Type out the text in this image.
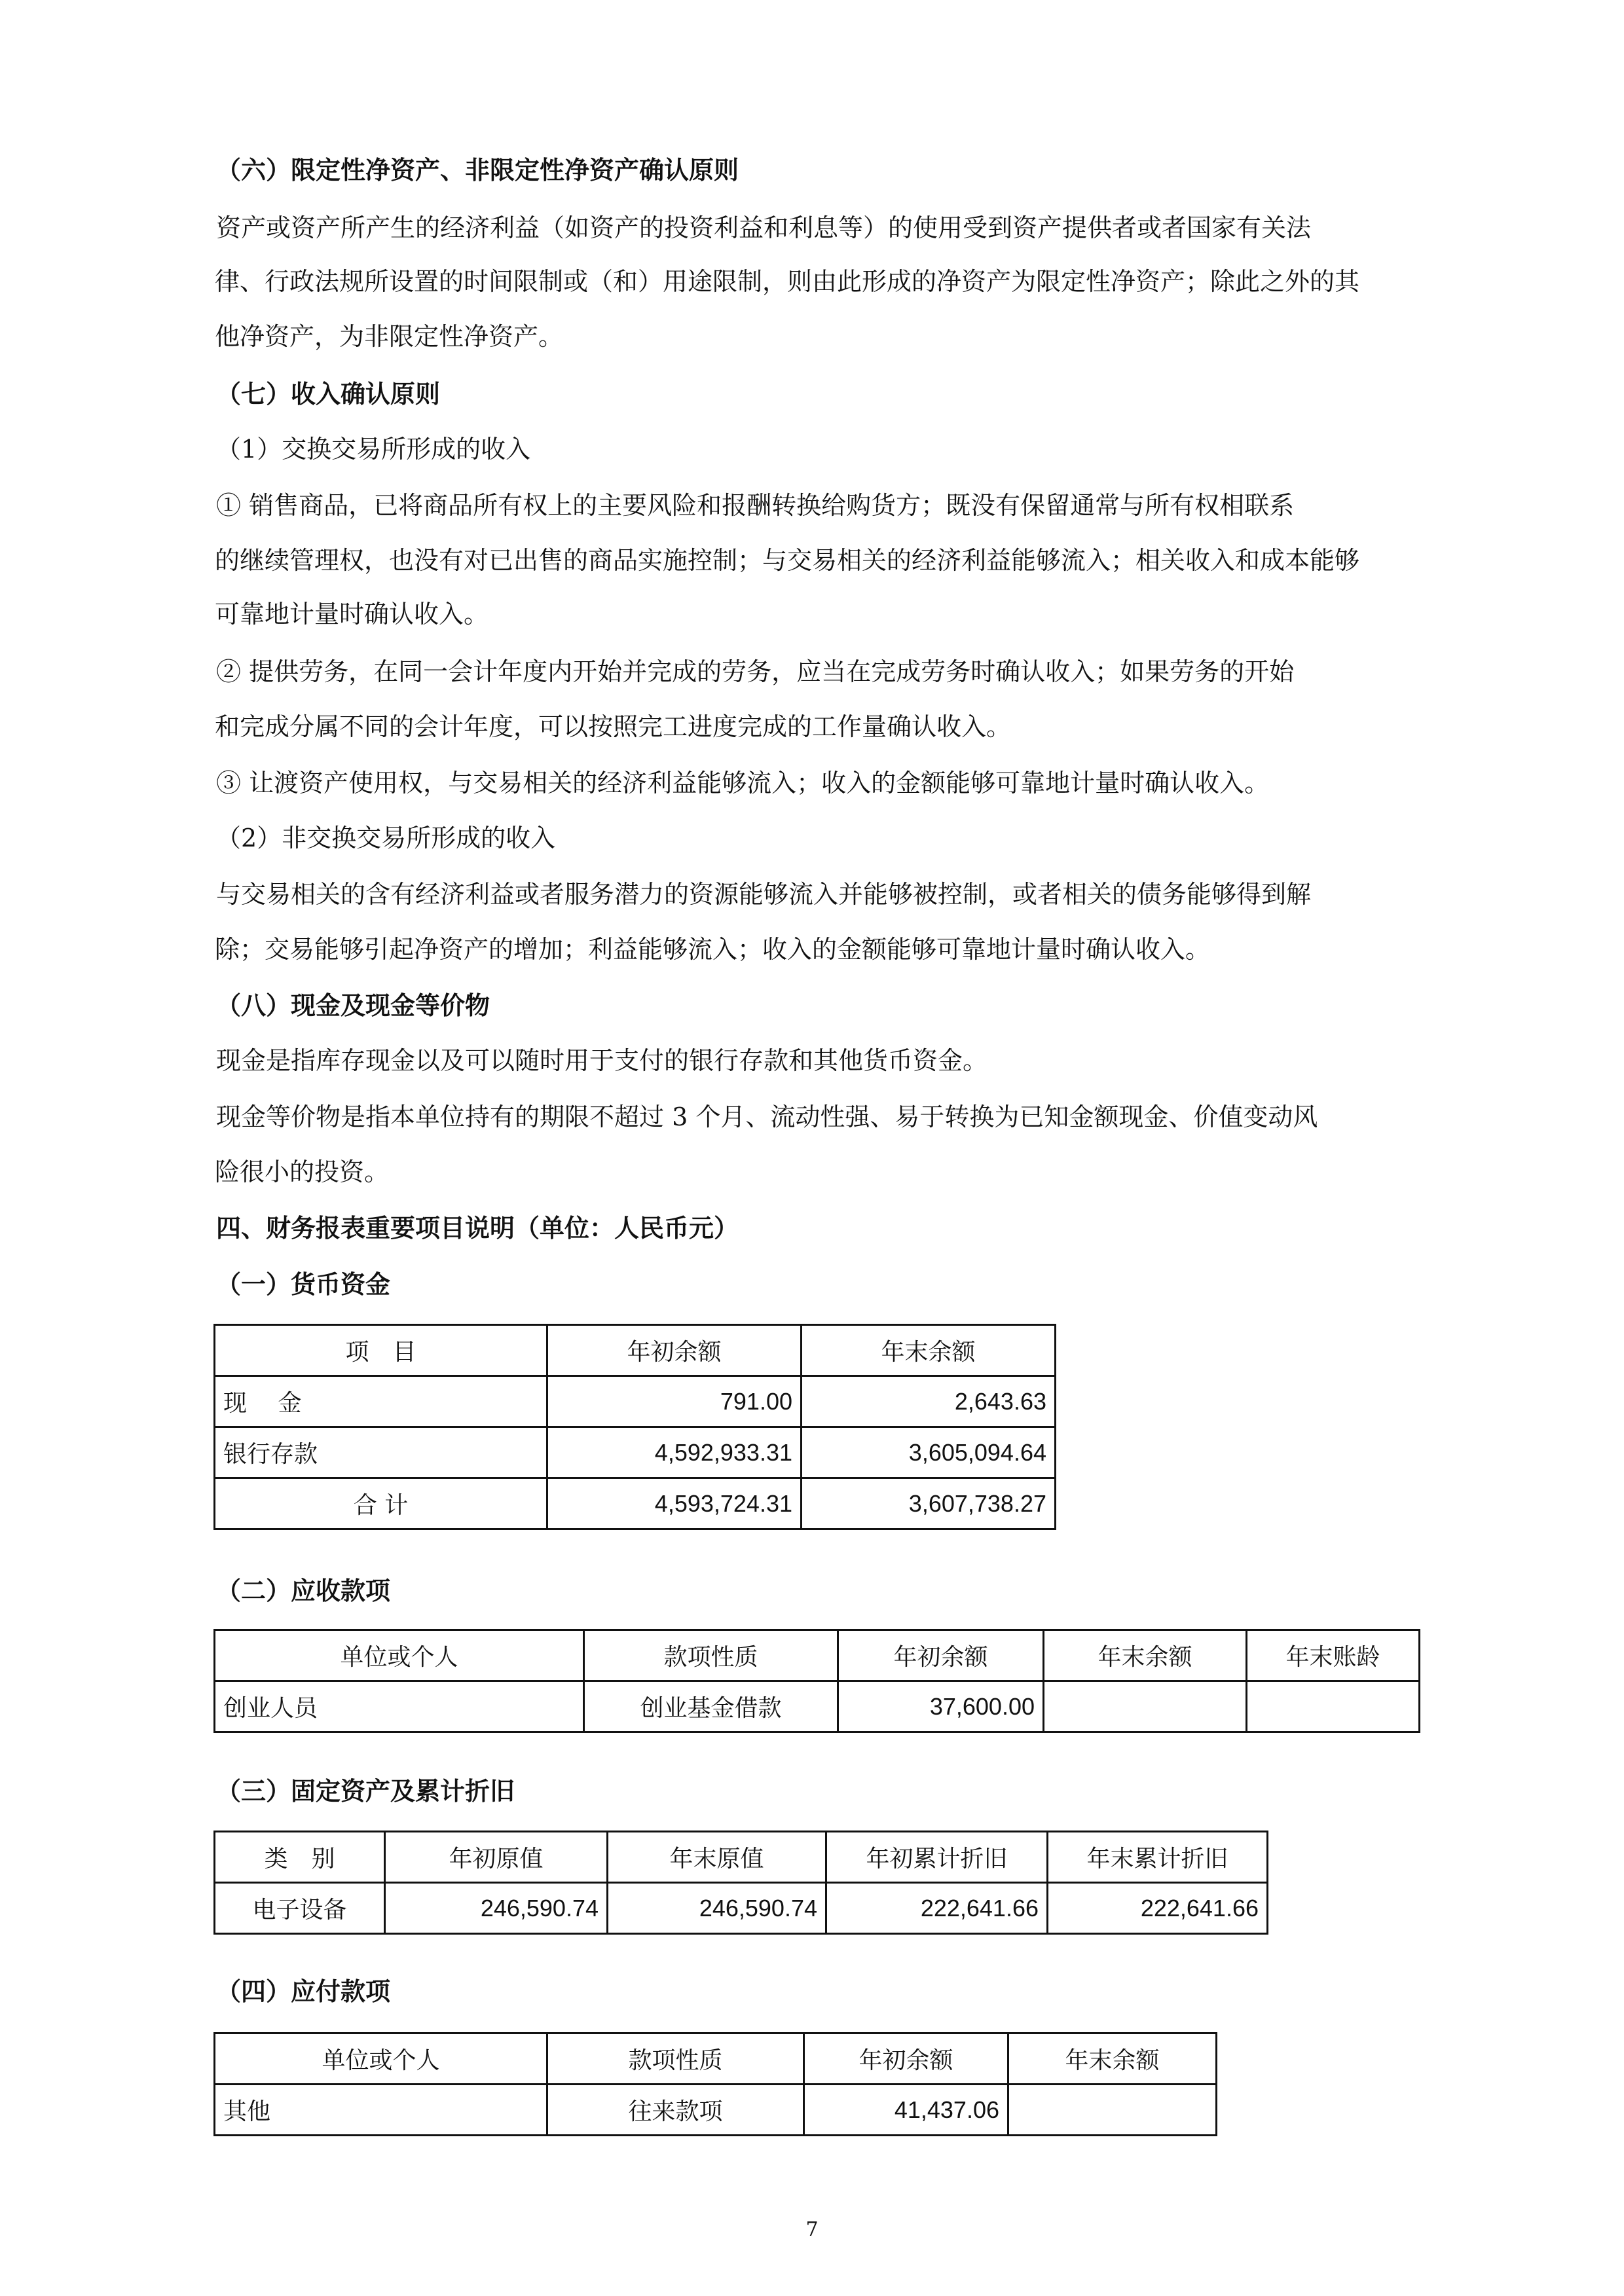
（六）限定性净资产、非限定性净资产确认原则
资产或资产所产生的经济利益（如资产的投资利益和利息等）的使用受到资产提供者或者国家有关法
律、行政法规所设置的时间限制或（和）用途限制，则由此形成的净资产为限定性净资产；除此之外的其
他净资产，为非限定性净资产。
（七）收入确认原则
（1）交换交易所形成的收入
① 销售商品，已将商品所有权上的主要风险和报酬转换给购货方；既没有保留通常与所有权相联系
的继续管理权，也没有对已出售的商品实施控制；与交易相关的经济利益能够流入；相关收入和成本能够
可靠地计量时确认收入。
② 提供劳务，在同一会计年度内开始并完成的劳务，应当在完成劳务时确认收入；如果劳务的开始
和完成分属不同的会计年度，可以按照完工进度完成的工作量确认收入。
③ 让渡资产使用权，与交易相关的经济利益能够流入；收入的金额能够可靠地计量时确认收入。
（2）非交换交易所形成的收入
与交易相关的含有经济利益或者服务潜力的资源能够流入并能够被控制，或者相关的债务能够得到解
除；交易能够引起净资产的增加；利益能够流入；收入的金额能够可靠地计量时确认收入。
（八）现金及现金等价物
现金是指库存现金以及可以随时用于支付的银行存款和其他货币资金。
现金等价物是指本单位持有的期限不超过 3 个月、流动性强、易于转换为已知金额现金、价值变动风
险很小的投资。
四、财务报表重要项目说明（单位：人民币元）
（一）货币资金
项　目	年初余额	年末余额
现　 金	791.00	2,643.63
银行存款	4,592,933.31	3,605,094.64
合 计	4,593,724.31	3,607,738.27
（二）应收款项
单位或个人	款项性质	年初余额	年末余额	年末账龄
创业人员	创业基金借款	37,600.00		
（三）固定资产及累计折旧
类　别	年初原值	年末原值	年初累计折旧	年末累计折旧
电子设备	246,590.74	246,590.74	222,641.66	222,641.66
（四）应付款项
单位或个人	款项性质	年初余额	年末余额
其他	往来款项	41,437.06	
7
